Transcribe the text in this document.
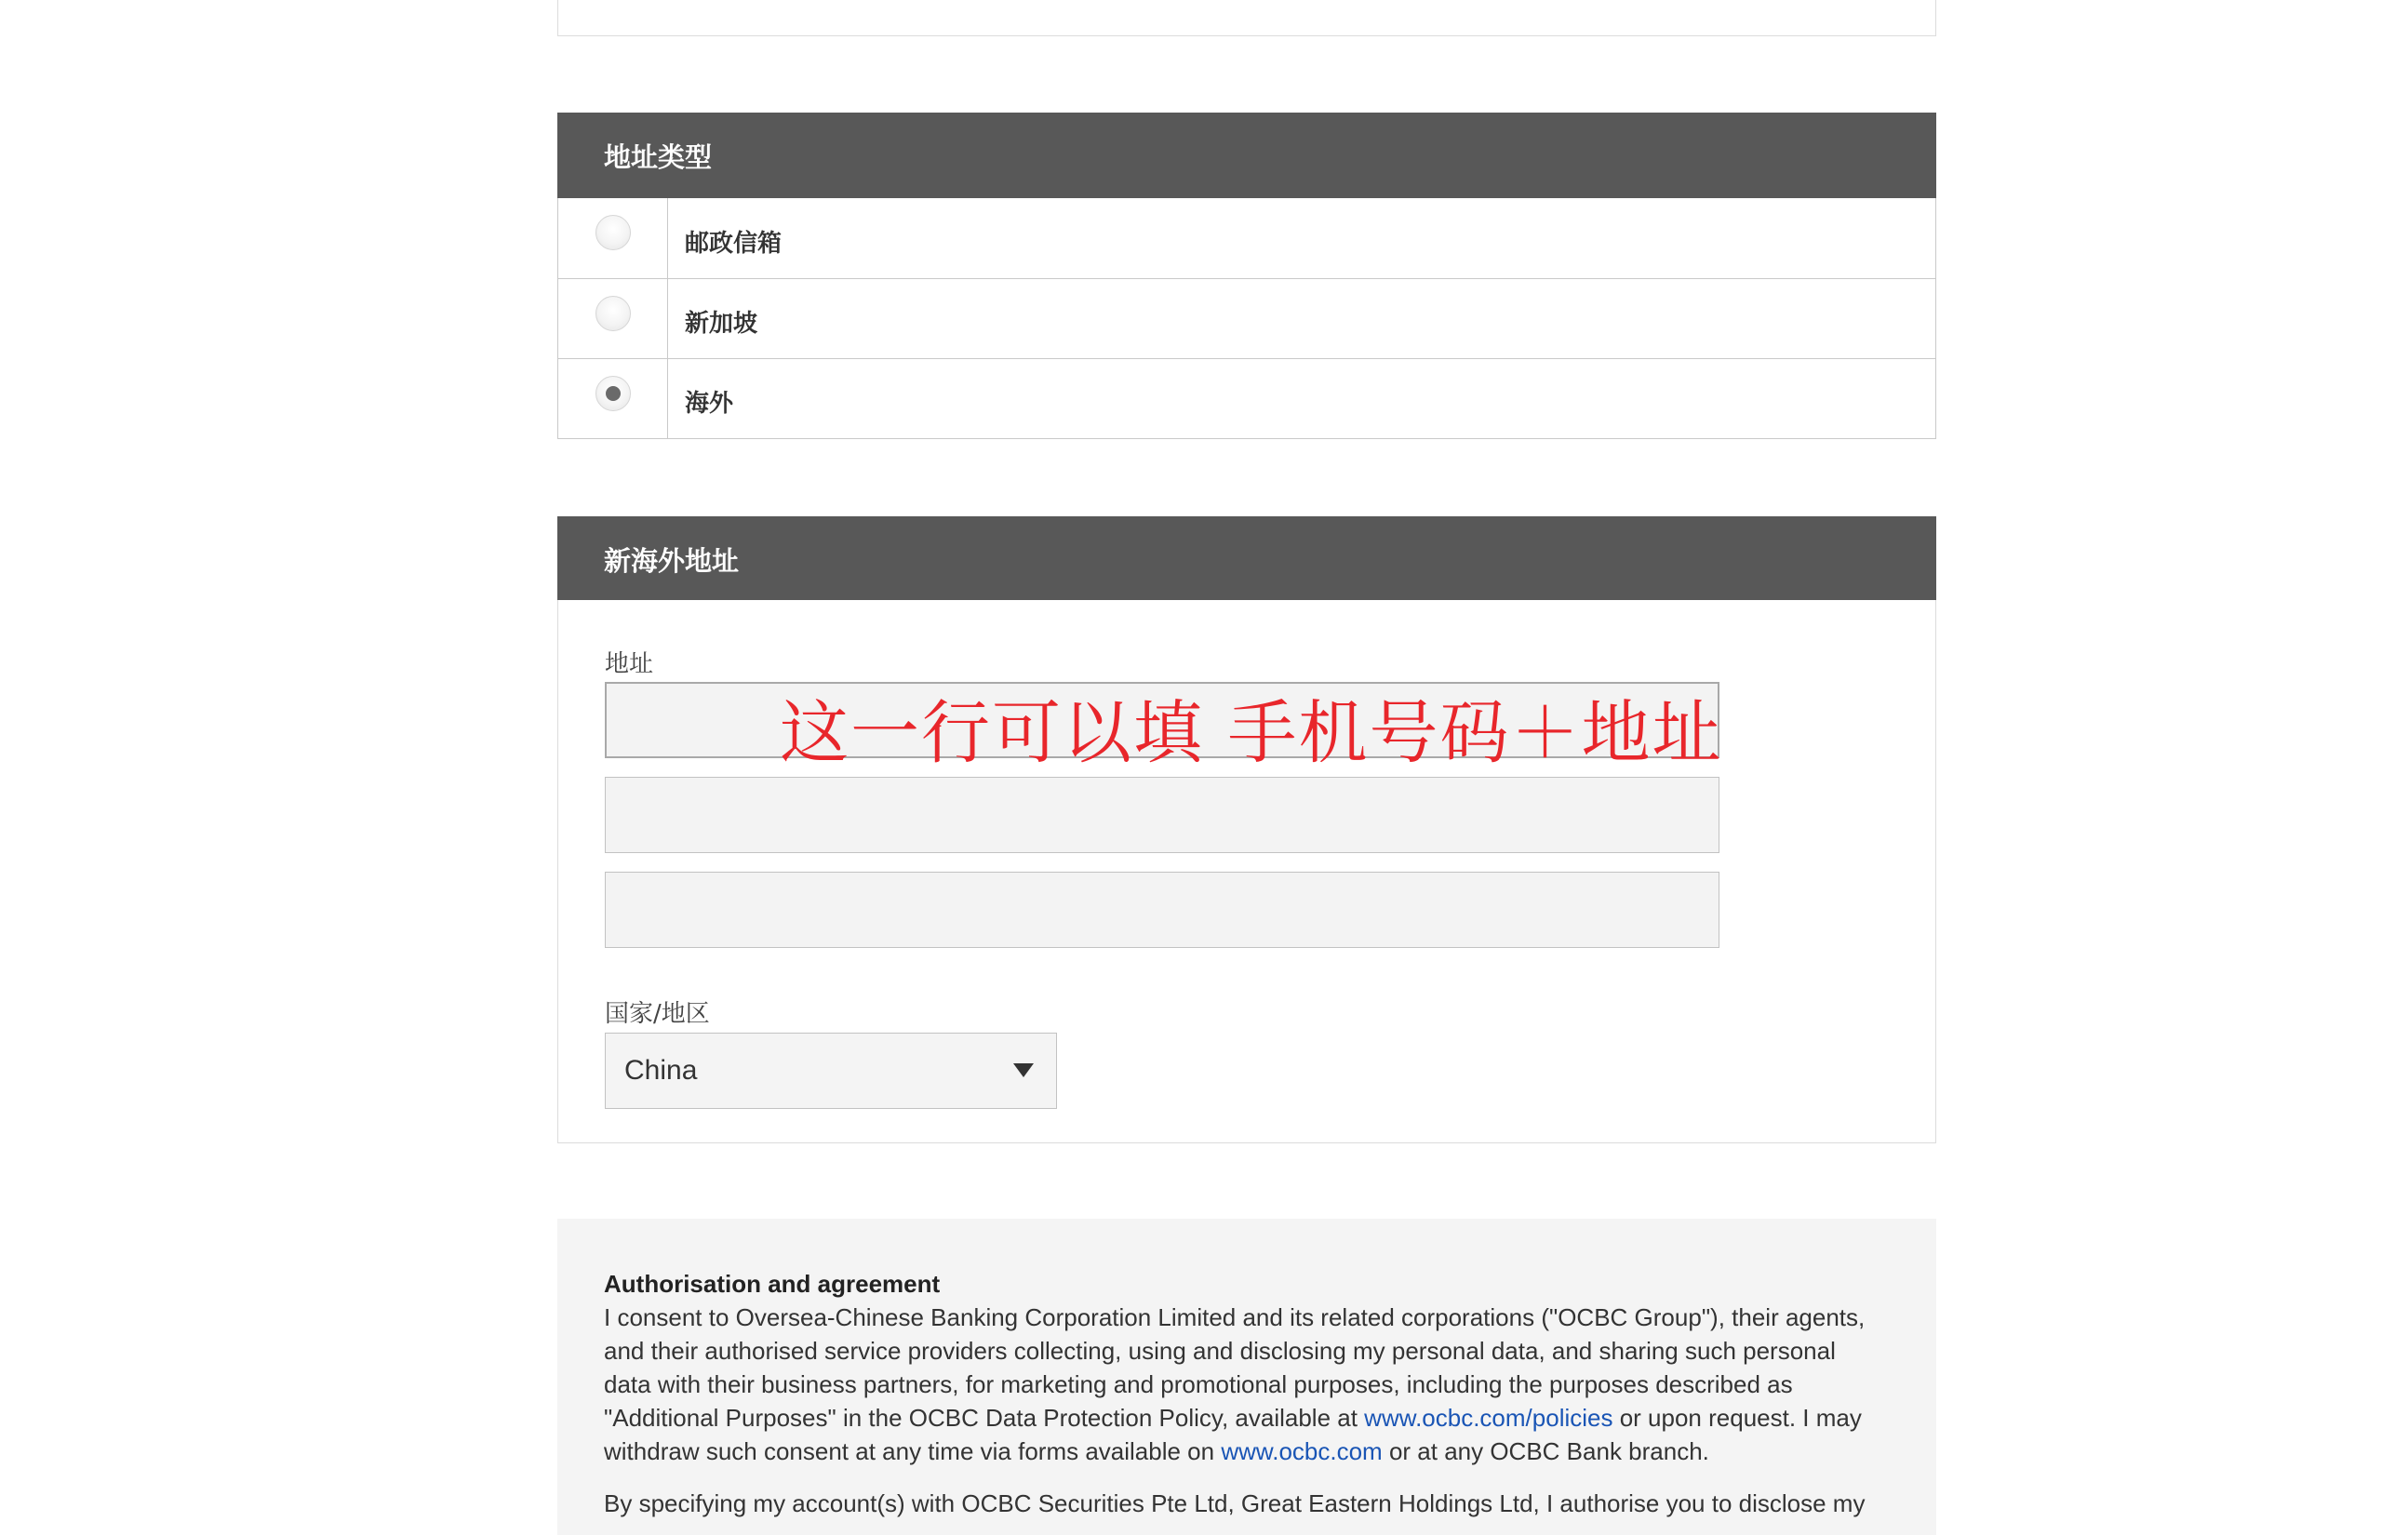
地址类型
邮政信箱
新加坡
海外
新海外地址
地址
这一行可以填 手机号码＋地址
国家/地区
China

Authorisation and agreement

I consent to Oversea-Chinese Banking Corporation Limited and its related corporations ("OCBC Group"), their agents, and their authorised service providers collecting, using and disclosing my personal data, and sharing such personal data with their business partners, for marketing and promotional purposes, including the purposes described as "Additional Purposes" in the OCBC Data Protection Policy, available at www.ocbc.com/policies or upon request. I may withdraw such consent at any time via forms available on www.ocbc.com or at any OCBC Bank branch.

By specifying my account(s) with OCBC Securities Pte Ltd, Great Eastern Holdings Ltd, I authorise you to disclose my
